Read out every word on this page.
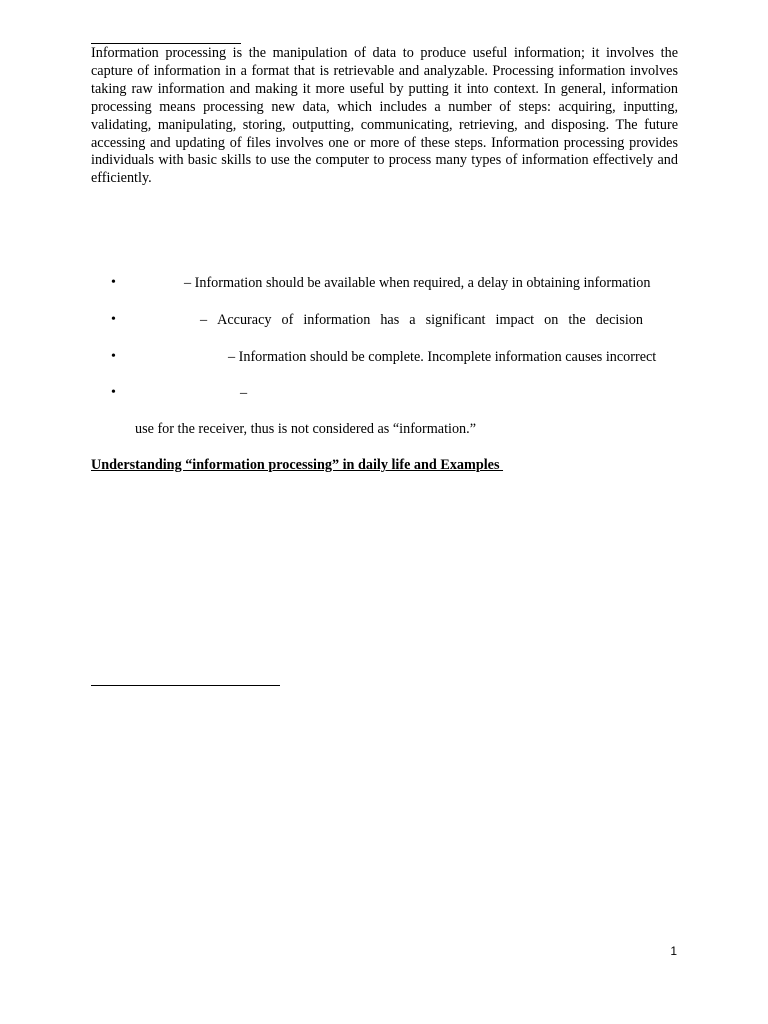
Information processing is the manipulation of data to produce useful information; it involves the capture of information in a format that is retrievable and analyzable. Processing information involves taking raw information and making it more useful by putting it into context. In general, information processing means processing new data, which includes a number of steps: acquiring, inputting, validating, manipulating, storing, outputting, communicating, retrieving, and disposing. The future accessing and updating of files involves one or more of these steps. Information processing provides individuals with basic skills to use the computer to process many types of information effectively and efficiently.

•	– Information should be available when required, a delay in obtaining information
•	– Accuracy of information has a significant impact on the decision
•	– Information should be complete. Incomplete information causes incorrect
•	–
use for the receiver, thus is not considered as “information.”
Understanding “information processing” in daily life and Examples
1
